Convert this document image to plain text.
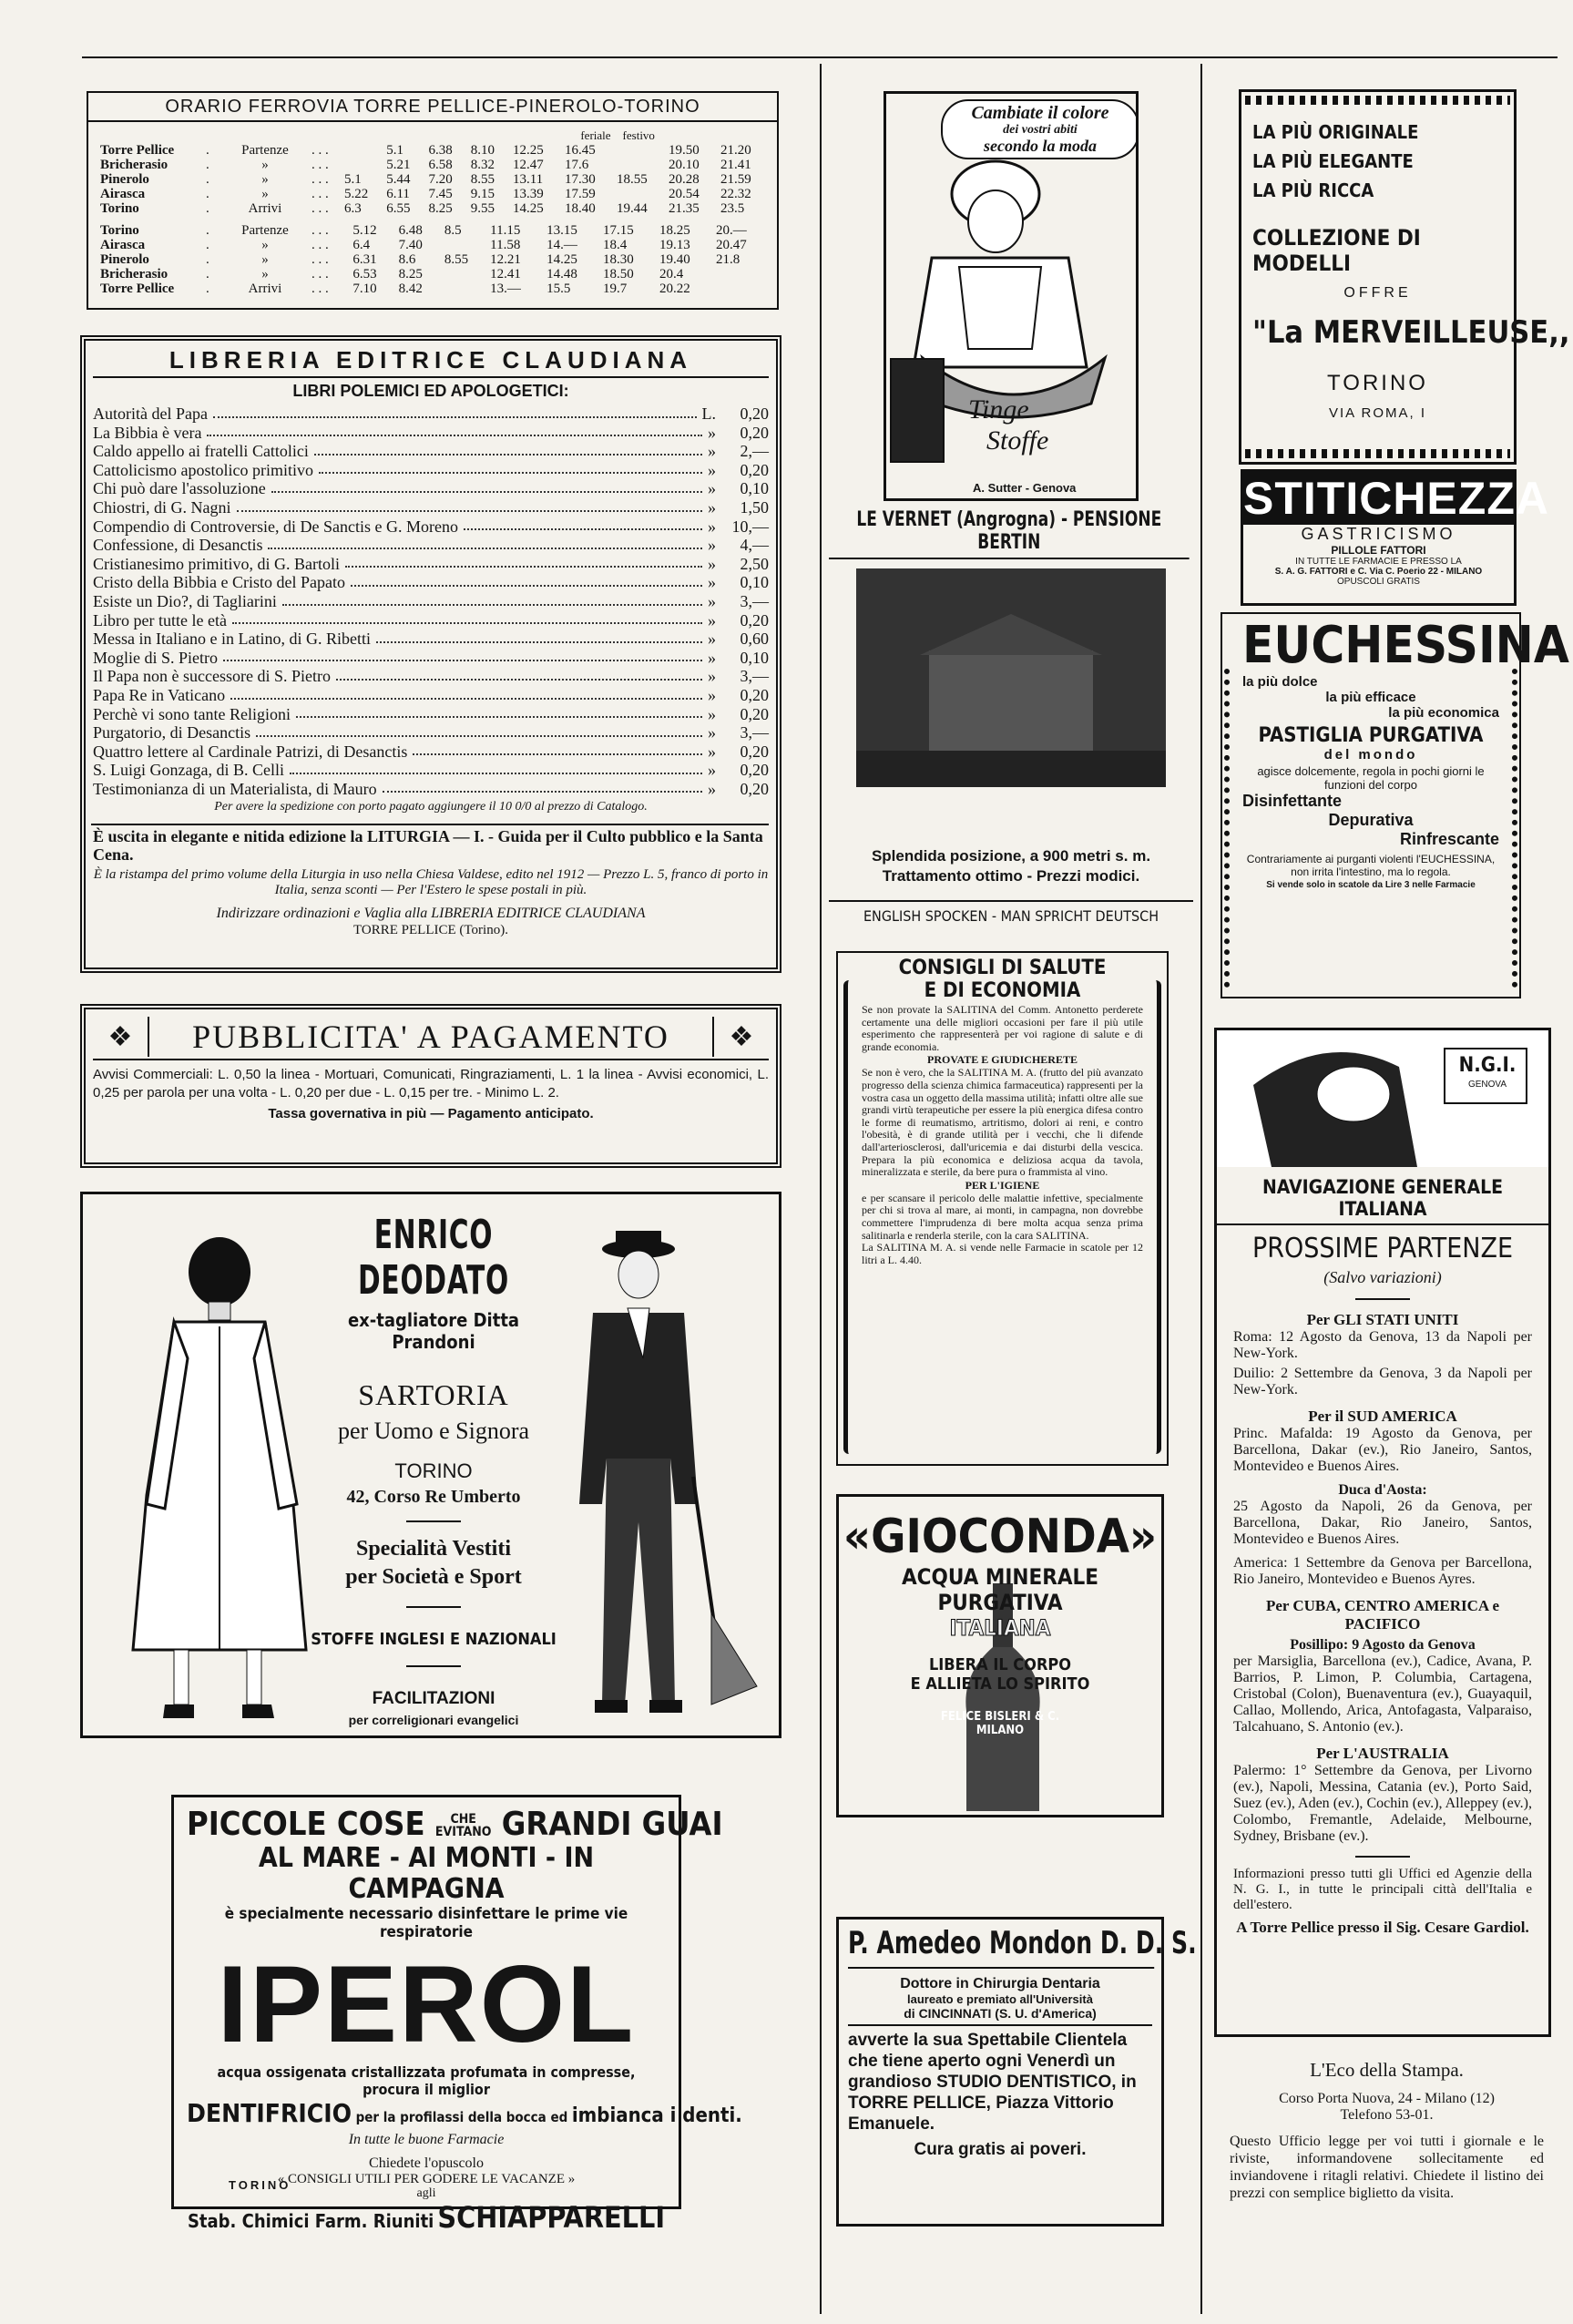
ORARIO FERROVIA TORRE PELLICE-PINEROLO-TORINO
feriale festivo												
Torre Pellice	.	Partenze	. . .		5.1	6.38	8.10	12.25	16.45		19.50	21.20
Bricherasio	.	»	. . .		5.21	6.58	8.32	12.47	17.6		20.10	21.41
Pinerolo	.	»	. . .	5.1	5.44	7.20	8.55	13.11	17.30	18.55	20.28	21.59
Airasca	.	»	. . .	5.22	6.11	7.45	9.15	13.39	17.59		20.54	22.32
Torino	.	Arrivi	. . .	6.3	6.55	8.25	9.55	14.25	18.40	19.44	21.35	23.5
Torino	.	Partenze	. . .		5.12	6.48	8.5	11.15	13.15	17.15	18.25	20.—
Airasca	.	»	. . .		6.4	7.40		11.58	14.—	18.4	19.13	20.47
Pinerolo	.	»	. . .		6.31	8.6	8.55	12.21	14.25	18.30	19.40	21.8
Bricherasio	.	»	. . .		6.53	8.25		12.41	14.48	18.50	20.4	
Torre Pellice	.	Arrivi	. . .		7.10	8.42		13.—	15.5	19.7	20.22	
LIBRERIA EDITRICE CLAUDIANA
LIBRI POLEMICI ED APOLOGETICI:
Autorità del Papa	L.	0,20
La Bibbia è vera	»	0,20
Caldo appello ai fratelli Cattolici	»	2,—
Cattolicismo apostolico primitivo	»	0,20
Chi può dare l'assoluzione	»	0,10
Chiostri, di G. Nagni	»	1,50
Compendio di Controversie, di De Sanctis e G. Moreno	» 10,—
Confessione, di Desanctis	»	4,—
Cristianesimo primitivo, di G. Bartoli	»	2,50
Cristo della Bibbia e Cristo del Papato	»	0,10
Esiste un Dio?, di Tagliarini	»	3,—
Libro per tutte le età	»	0,20
Messa in Italiano e in Latino, di G. Ribetti	»	0,60
Moglie di S. Pietro	»	0,10
Il Papa non è successore di S. Pietro	»	3,—
Papa Re in Vaticano	»	0,20
Perchè vi sono tante Religioni	»	0,20
Purgatorio, di Desanctis	»	3,—
Quattro lettere al Cardinale Patrizi, di Desanctis	»	0,20
S. Luigi Gonzaga, di B. Celli	»	0,20
Testimonianza di un Materialista, di Mauro	»	0,20
Per avere la spedizione con porto pagato aggiungere il 10 0/0 al prezzo di Catalogo.
È uscita in elegante e nitida edizione la LITURGIA — I. - Guida per il Culto pubblico e la Santa Cena.
È la ristampa del primo volume della Liturgia in uso nella Chiesa Valdese, edito nel 1912 — Prezzo L. 5, franco di porto in Italia, senza sconti — Per l'Estero le spese postali in più.
Indirizzare ordinazioni e Vaglia alla LIBRERIA EDITRICE CLAUDIANA
TORRE PELLICE (Torino).
❖	PUBBLICITA' A PAGAMENTO	❖
Avvisi Commerciali: L. 0,50 la linea - Mortuari, Comunicati, Ringraziamenti, L. 1 la linea - Avvisi economici, L. 0,25 per parola per una volta - L. 0,20 per due - L. 0,15 per tre. - Minimo L. 2.
Tassa governativa in più — Pagamento anticipato.
ENRICO DEODATO
ex-tagliatore Ditta Prandoni
SARTORIA
per Uomo e Signora
TORINO
42, Corso Re Umberto
Specialità Vestiti
per Società e Sport
STOFFE INGLESI E NAZIONALI
FACILITAZIONI
per correligionari evangelici
PICCOLE COSE	CHE
EVITANO GRANDI GUAI
AL MARE - AI MONTI - IN CAMPAGNA
è specialmente necessario disinfettare le prime vie respiratorie
IPEROL
acqua ossigenata cristallizzata profumata in compresse, procura il miglior
DENTIFRICIO per la profilassi della bocca ed imbianca i denti.
In tutte le buone Farmacie
Chiedete l'opuscolo
« CONSIGLI UTILI PER GODERE LE VACANZE »
agli
Stab. Chimici Farm. Riuniti SCHIAPPARELLI
TORINO
Cambiate il colore
dei vostri abiti
secondo la moda
Tinge
Stoffe
A. Sutter - Genova
LE VERNET (Angrogna) - PENSIONE BERTIN
Splendida posizione, a 900 metri s. m.
Trattamento ottimo - Prezzi modici.
ENGLISH SPOCKEN - MAN SPRICHT DEUTSCH
CONSIGLI DI SALUTE
E DI ECONOMIA
Se non provate la SALITINA del Comm. Antonetto perderete certamente una delle migliori occasioni per fare il più utile esperimento che rappresenterà per voi ragione di salute e di grande economia.
PROVATE E GIUDICHERETE
Se non è vero, che la SALITINA M. A. (frutto del più avanzato progresso della scienza chimica farmaceutica) rappresenti per la vostra casa un oggetto della massima utilità; infatti oltre alle sue grandi virtù terapeutiche per essere la più energica difesa contro le forme di reumatismo, artritismo, dolori ai reni, e contro l'obesità, è di grande utilità per i vecchi, che li difende dall'arteriosclerosi, dall'uricemia e dai disturbi della vescica. Prepara la più economica e deliziosa acqua da tavola, mineralizzata e sterile, da bere pura o frammista al vino.
PER L'IGIENE
e per scansare il pericolo delle malattie infettive, specialmente per chi si trova al mare, ai monti, in campagna, non dovrebbe commettere l'imprudenza di bere molta acqua senza prima salitinarla e renderla sterile, con la cara SALITINA.
La SALITINA M. A. si vende nelle Farmacie in scatole per 12 litri a L. 4.40.
«GIOCONDA»
ACQUA MINERALE
PURGATIVA
ITALIANA
LIBERA IL CORPO
E ALLIETA LO SPIRITO
FELICE BISLERI & C.
MILANO
P. Amedeo Mondon D. D. S.
Dottore in Chirurgia Dentaria
laureato e premiato all'Università
di CINCINNATI (S. U. d'America)
avverte la sua Spettabile Clientela che tiene aperto ogni Venerdì un grandioso STUDIO DENTISTICO, in TORRE PELLICE, Piazza Vittorio Emanuele.
Cura gratis ai poveri.
LA PIÙ ORIGINALE
LA PIÙ ELEGANTE
LA PIÙ RICCA
COLLEZIONE DI MODELLI
OFFRE
"La MERVEILLEUSE,,
TORINO
VIA ROMA, I
STITICHEZZA
GASTRICISMO
PILLOLE FATTORI
IN TUTTE LE FARMACIE E PRESSO LA
S. A. G. FATTORI e C. Via C. Poerio 22 - MILANO
OPUSCOLI GRATIS
EUCHESSINA
la più dolce
la più efficace
la più economica
PASTIGLIA PURGATIVA
del mondo
agisce dolcemente, regola in pochi giorni le funzioni del corpo
Disinfettante
Depurativa
Rinfrescante
Contrariamente ai purganti violenti l'EUCHESSINA, non irrita l'intestino, ma lo regola.
Si vende solo in scatole da Lire 3 nelle Farmacie
N.G.I.
GENOVA
NAVIGAZIONE GENERALE ITALIANA
PROSSIME PARTENZE
(Salvo variazioni)
Per GLI STATI UNITI
Roma: 12 Agosto da Genova, 13 da Napoli per New-York.
Duilio: 2 Settembre da Genova, 3 da Napoli per New-York.
Per il SUD AMERICA
Princ. Mafalda: 19 Agosto da Genova, per Barcellona, Dakar (ev.), Rio Janeiro, Santos, Montevideo e Buenos Aires.
Duca d'Aosta:
25 Agosto da Napoli, 26 da Genova, per Barcellona, Dakar, Rio Janeiro, Santos, Montevideo e Buenos Aires.
America: 1 Settembre da Genova per Barcellona, Rio Janeiro, Montevideo e Buenos Ayres.
Per CUBA, CENTRO AMERICA e PACIFICO
Posillipo: 9 Agosto da Genova
per Marsiglia, Barcellona (ev.), Cadice, Avana, P. Barrios, P. Limon, P. Columbia, Cartagena, Cristobal (Colon), Buenaventura (ev.), Guayaquil, Callao, Mollendo, Arica, Antofagasta, Valparaiso, Talcahuano, S. Antonio (ev.).
Per L'AUSTRALIA
Palermo: 1° Settembre da Genova, per Livorno (ev.), Napoli, Messina, Catania (ev.), Porto Said, Suez (ev.), Aden (ev.), Cochin (ev.), Alleppey (ev.), Colombo, Fremantle, Adelaide, Melbourne, Sydney, Brisbane (ev.).
Informazioni presso tutti gli Uffici ed Agenzie della N. G. I., in tutte le principali città dell'Italia e dell'estero.
A Torre Pellice presso il Sig. Cesare Gardiol.
L'Eco della Stampa.
Corso Porta Nuova, 24 - Milano (12)
Telefono 53-01.
Questo Ufficio legge per voi tutti i giornale e le riviste, informandovene sollecitamente ed inviandovene i ritagli relativi. Chiedete il listino dei prezzi con semplice biglietto da visita.
